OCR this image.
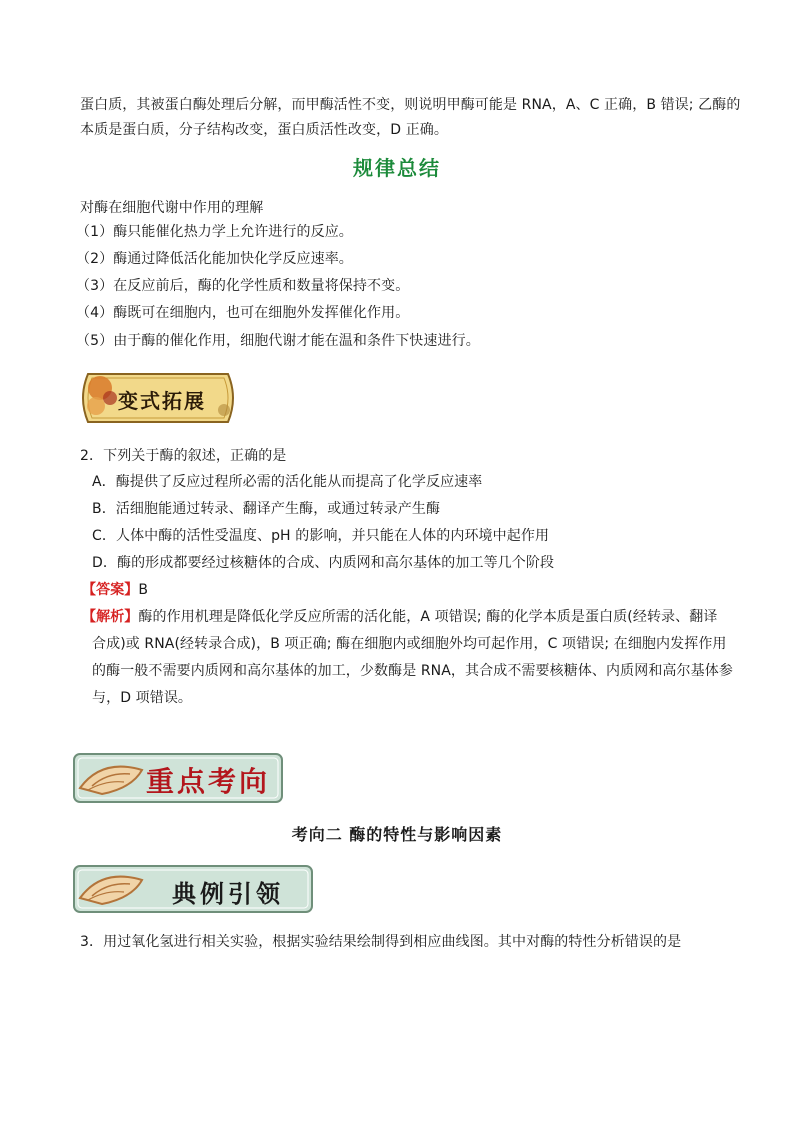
蛋白质，其被蛋白酶处理后分解，而甲酶活性不变，则说明甲酶可能是 RNA，A、C 正确，B 错误; 乙酶的
本质是蛋白质，分子结构改变，蛋白质活性改变，D 正确。
规律总结
对酶在细胞代谢中作用的理解
（1）酶只能催化热力学上允许进行的反应。
（2）酶通过降低活化能加快化学反应速率。
（3）在反应前后，酶的化学性质和数量将保持不变。
（4）酶既可在细胞内，也可在细胞外发挥催化作用。
（5）由于酶的催化作用，细胞代谢才能在温和条件下快速进行。
变式拓展
2．下列关于酶的叙述，正确的是
A．酶提供了反应过程所必需的活化能从而提高了化学反应速率
B．活细胞能通过转录、翻译产生酶，或通过转录产生酶
C．人体中酶的活性受温度、pH 的影响，并只能在人体的内环境中起作用
D．酶的形成都要经过核糖体的合成、内质网和高尔基体的加工等几个阶段
【答案】B
【解析】酶的作用机理是降低化学反应所需的活化能，A 项错误; 酶的化学本质是蛋白质(经转录、翻译
合成)或 RNA(经转录合成)，B 项正确; 酶在细胞内或细胞外均可起作用，C 项错误; 在细胞内发挥作用
的酶一般不需要内质网和高尔基体的加工，少数酶是 RNA，其合成不需要核糖体、内质网和高尔基体参
与，D 项错误。
重点考向
考向二 酶的特性与影响因素
典例引领
3．用过氧化氢进行相关实验，根据实验结果绘制得到相应曲线图。其中对酶的特性分析错误的是
